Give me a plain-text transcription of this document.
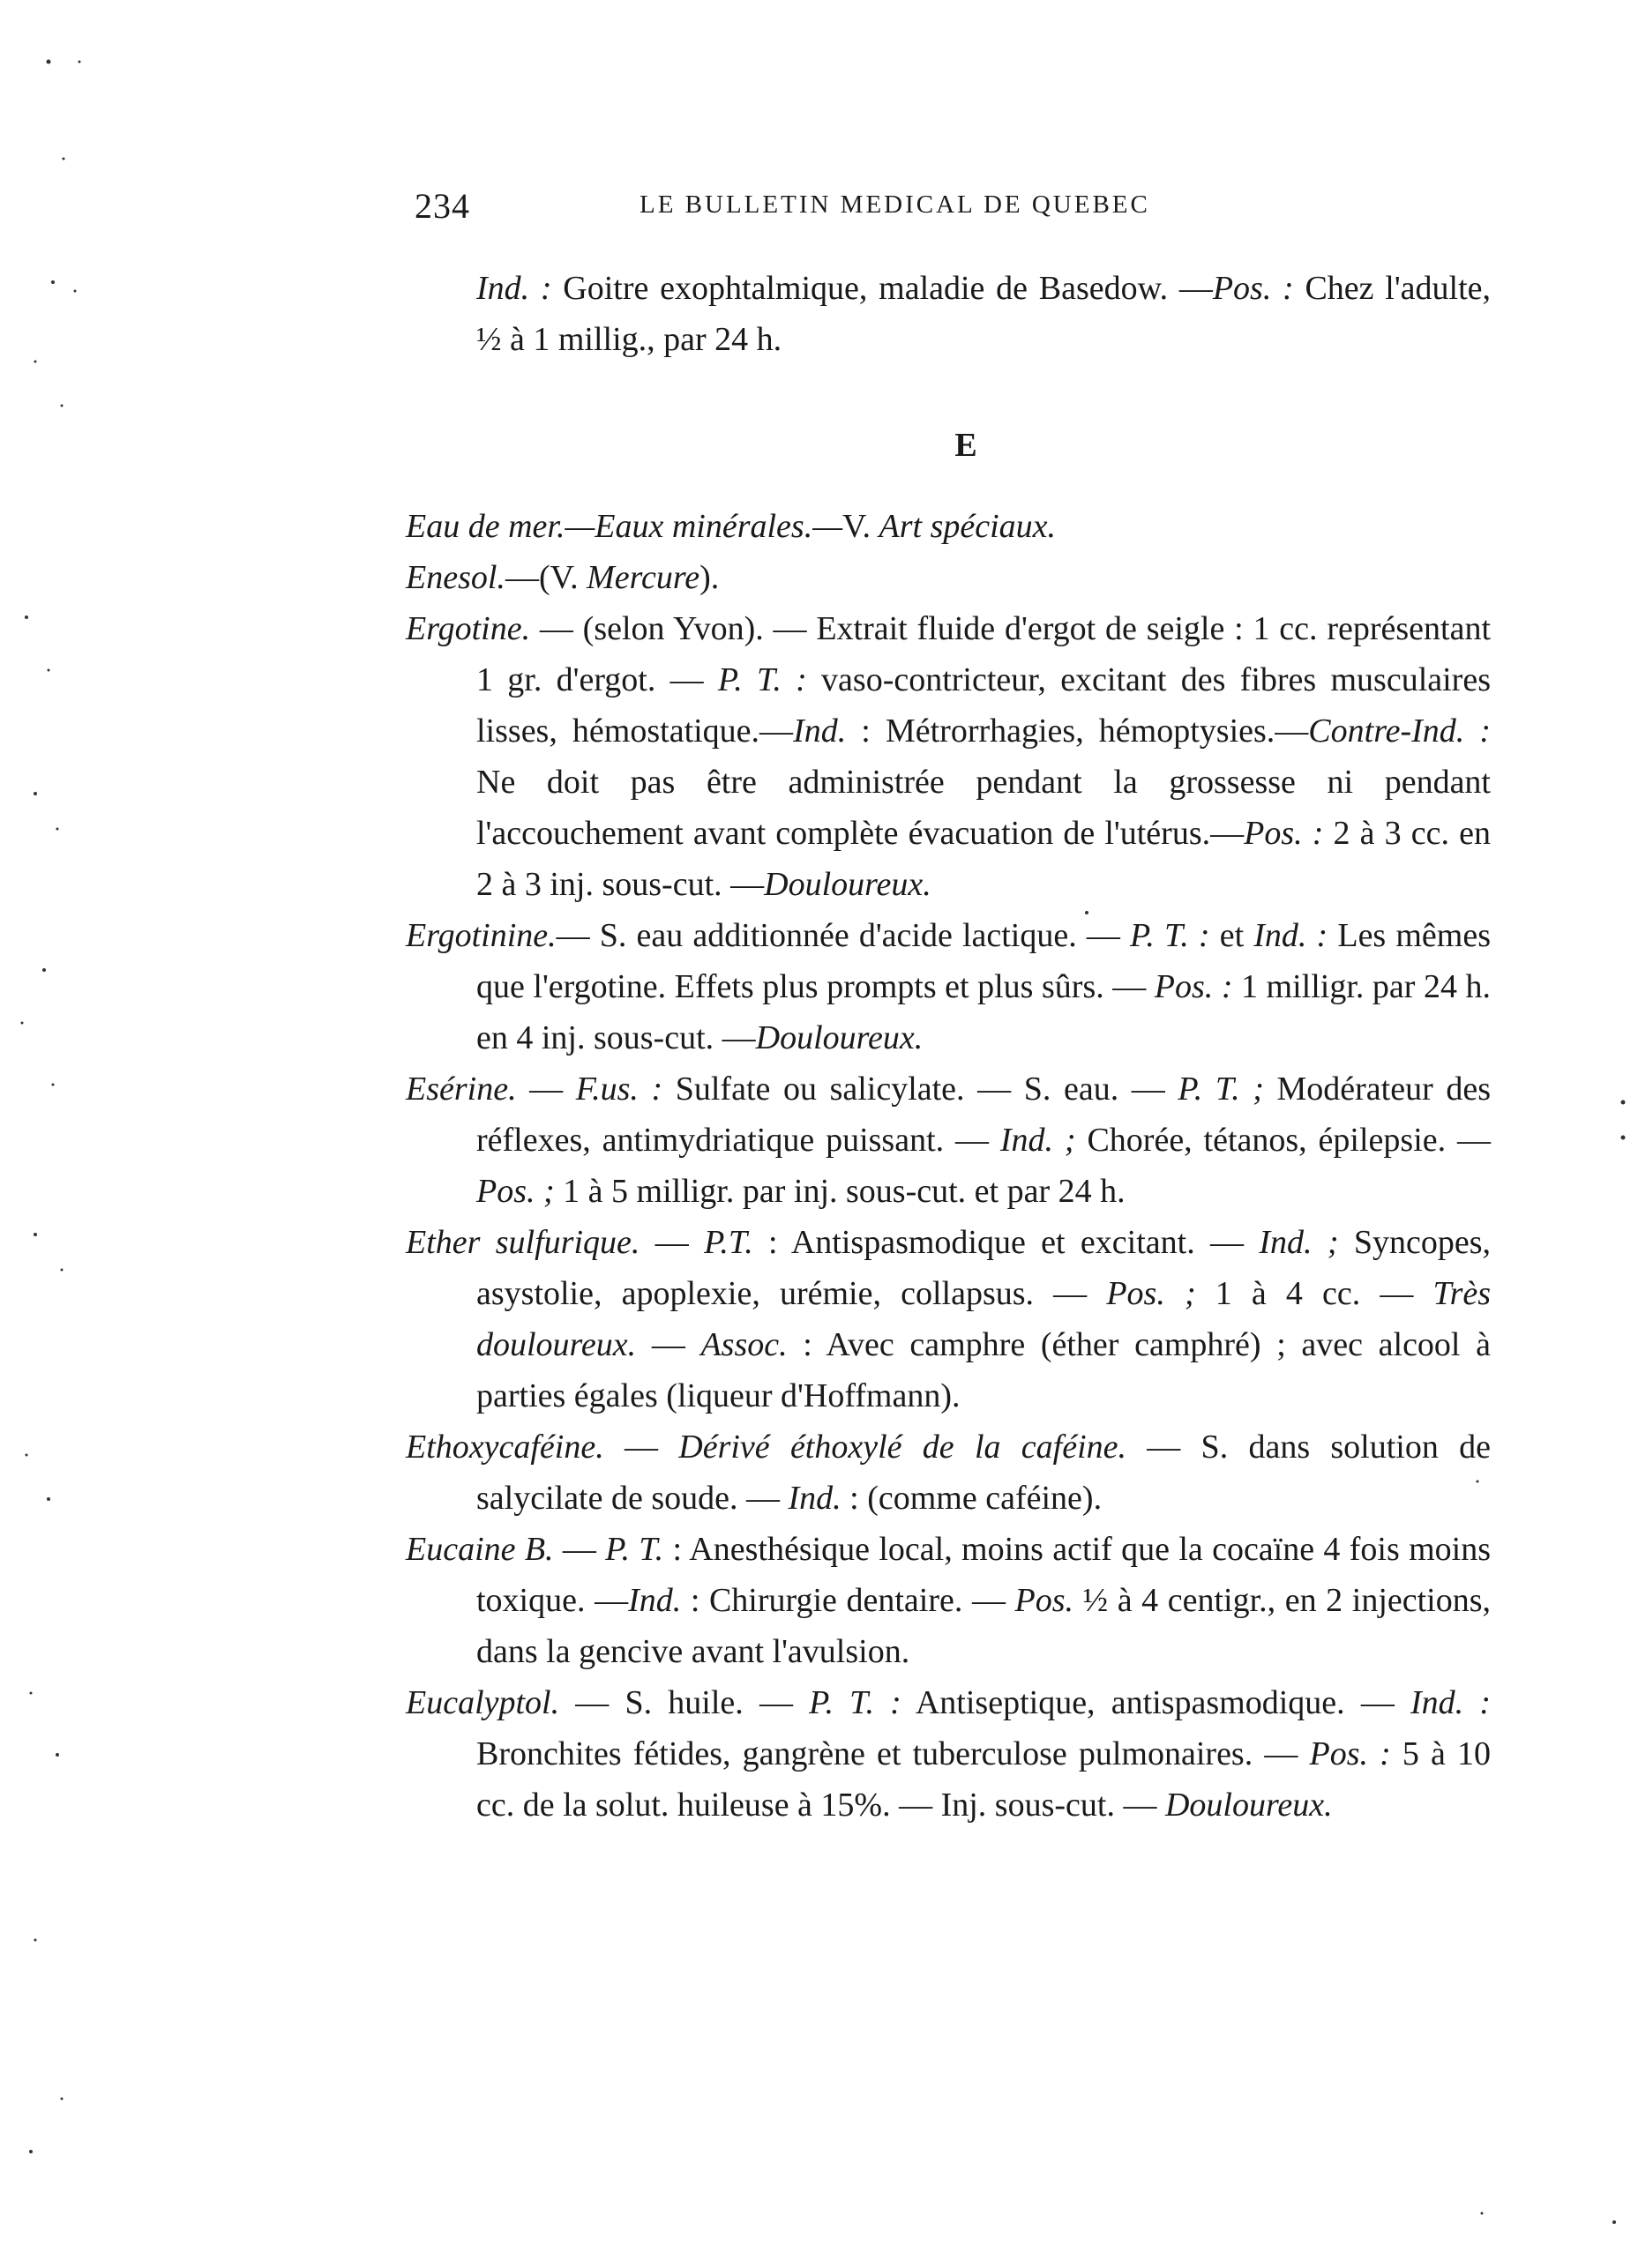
234	LE BULLETIN MEDICAL DE QUEBEC

Ind. : Goitre exophtalmique, maladie de Basedow. —Pos. : Chez l'adulte, ½ à 1 millig., par 24 h.

E

Eau de mer.—Eaux minérales.—V. Art spéciaux.

Enesol.—(V. Mercure).

Ergotine. — (selon Yvon). — Extrait fluide d'ergot de seigle : 1 cc. représentant 1 gr. d'ergot. — P. T. : vaso-contricteur, excitant des fibres musculaires lisses, hémostatique.—Ind. : Métrorrhagies, hémoptysies.—Contre-Ind. : Ne doit pas être administrée pendant la grossesse ni pendant l'accouchement avant complète évacuation de l'utérus.—Pos. : 2 à 3 cc. en 2 à 3 inj. sous-cut. —Douloureux.

Ergotinine.— S. eau additionnée d'acide lactique. — P. T. : et Ind. : Les mêmes que l'ergotine. Effets plus prompts et plus sûrs. — Pos. : 1 milligr. par 24 h. en 4 inj. sous-cut. —Douloureux.

Esérine. — F.us. : Sulfate ou salicylate. — S. eau. — P. T. ; Modérateur des réflexes, antimydriatique puissant. — Ind. ; Chorée, tétanos, épilepsie. — Pos. ; 1 à 5 milligr. par inj. sous-cut. et par 24 h.

Ether sulfurique. — P.T. : Antispasmodique et excitant. — Ind. ; Syncopes, asystolie, apoplexie, urémie, collapsus. — Pos. ; 1 à 4 cc. — Très douloureux. — Assoc. : Avec camphre (éther camphré) ; avec alcool à parties égales (liqueur d'Hoffmann).

Ethoxycaféine. — Dérivé éthoxylé de la caféine. — S. dans solution de salycilate de soude. — Ind. : (comme caféine).

Eucaine B. — P. T. : Anesthésique local, moins actif que la cocaïne 4 fois moins toxique. —Ind. : Chirurgie dentaire. — Pos. ½ à 4 centigr., en 2 injections, dans la gencive avant l'avulsion.

Eucalyptol. — S. huile. — P. T. : Antiseptique, antispasmodique. — Ind. : Bronchites fétides, gangrène et tuberculose pulmonaires. — Pos. : 5 à 10 cc. de la solut. huileuse à 15%. — Inj. sous-cut. — Douloureux.
